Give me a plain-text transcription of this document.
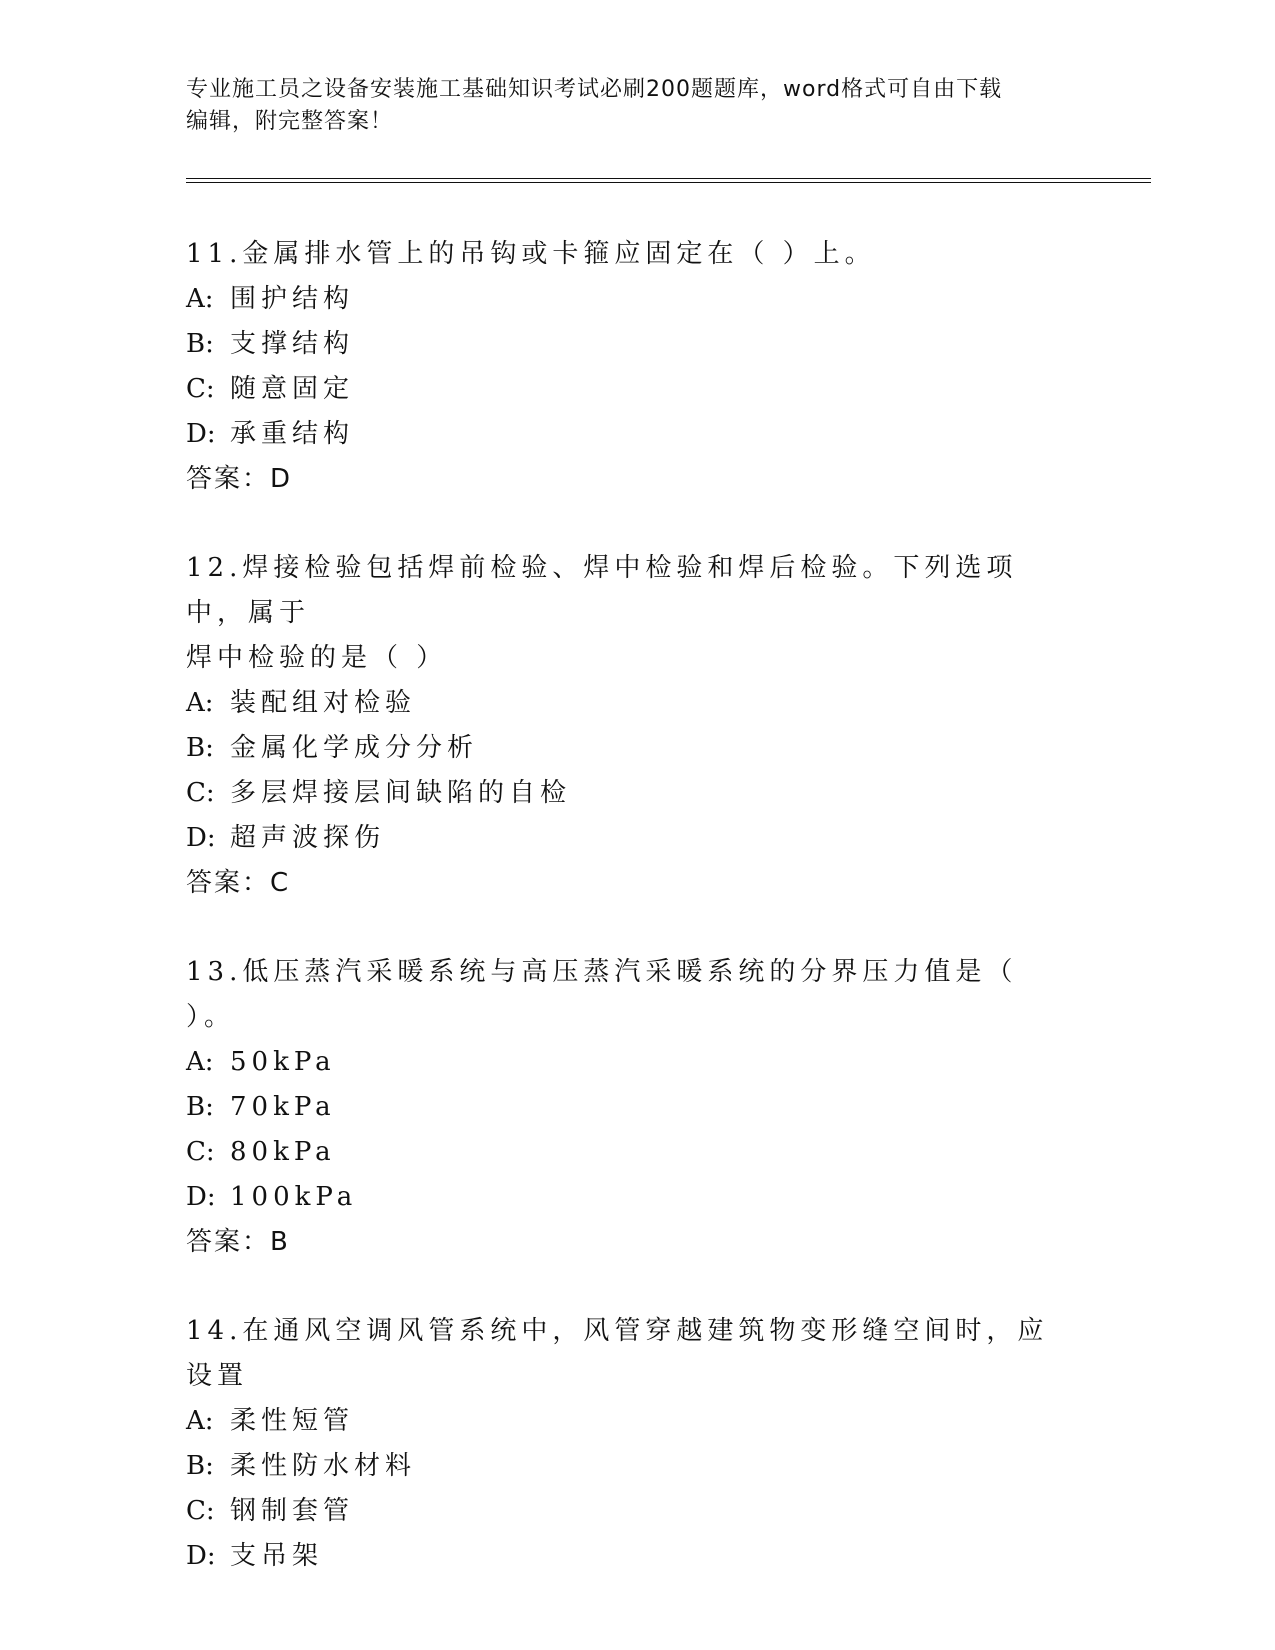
专业施工员之设备安装施工基础知识考试必刷200题题库，word格式可自由下载
编辑，附完整答案！
11.金属排水管上的吊钩或卡箍应固定在（ ）上。
A: 围护结构
B: 支撑结构
C: 随意固定
D: 承重结构
答案：D
12.焊接检验包括焊前检验、焊中检验和焊后检验。下列选项中，属于
焊中检验的是（ ）
A: 装配组对检验
B: 金属化学成分分析
C: 多层焊接层间缺陷的自检
D: 超声波探伤
答案：C
13.低压蒸汽采暖系统与高压蒸汽采暖系统的分界压力值是（ ）。
A: 50kPa
B: 70kPa
C: 80kPa
D: 100kPa
答案：B
14.在通风空调风管系统中，风管穿越建筑物变形缝空间时，应设置
A: 柔性短管
B: 柔性防水材料
C: 钢制套管
D: 支吊架
